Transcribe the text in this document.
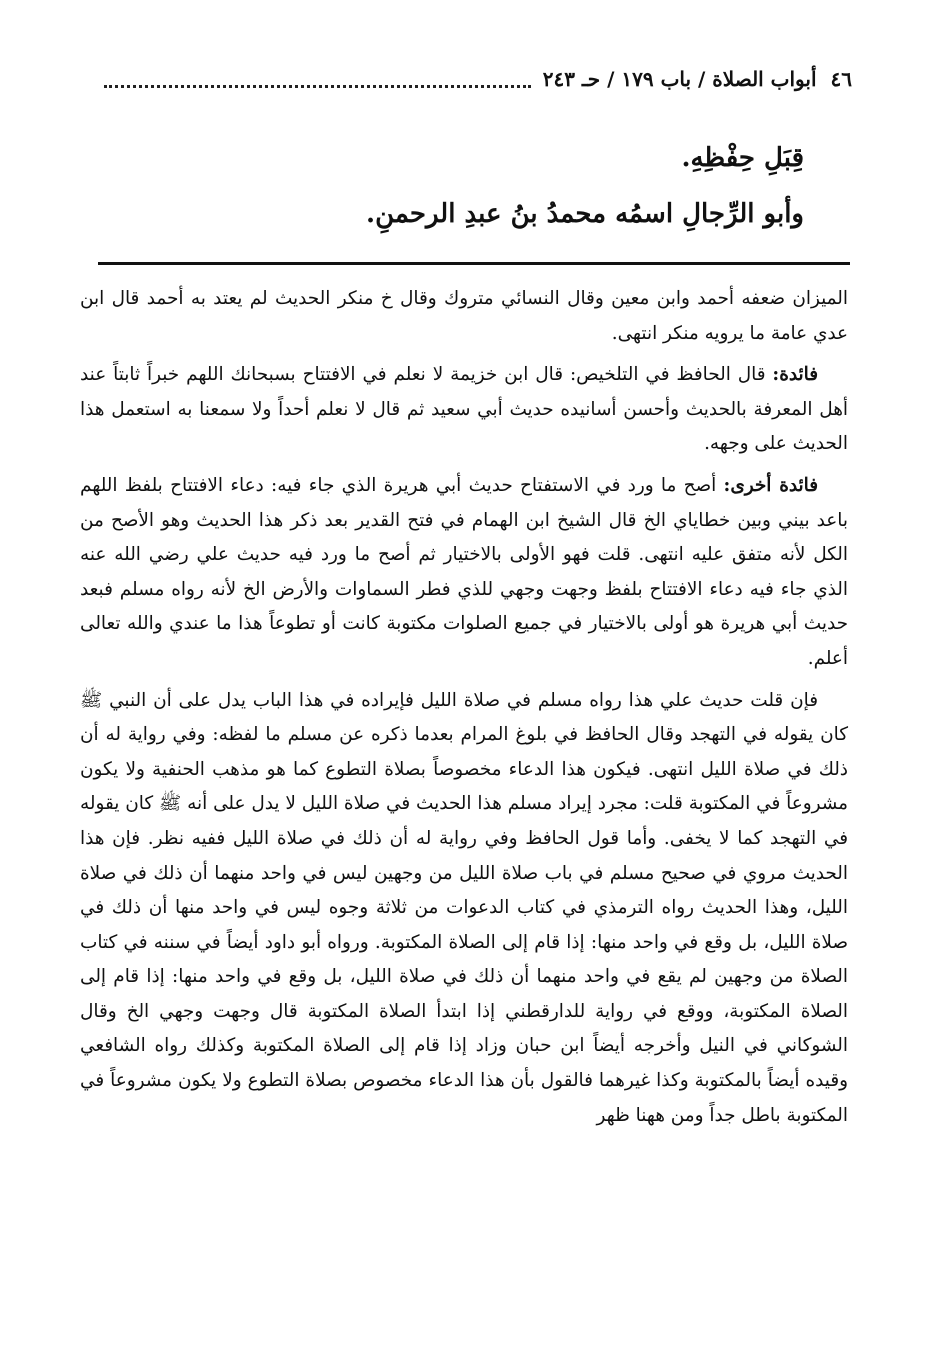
٤٦
أبواب الصلاة / باب ١٧٩ / حـ ٢٤٣

قِبَلِ حِفْظِهِ.

وأبو الرِّجالِ اسمُه محمدُ بنُ عبدِ الرحمنِ.

الميزان ضعفه أحمد وابن معين وقال النسائي متروك وقال خ منكر الحديث لم يعتد به أحمد قال ابن عدي عامة ما يرويه منكر انتهى.

فائدة: قال الحافظ في التلخيص: قال ابن خزيمة لا نعلم في الافتتاح بسبحانك اللهم خبراً ثابتاً عند أهل المعرفة بالحديث وأحسن أسانيده حديث أبي سعيد ثم قال لا نعلم أحداً ولا سمعنا به استعمل هذا الحديث على وجهه.

فائدة أخرى: أصح ما ورد في الاستفتاح حديث أبي هريرة الذي جاء فيه: دعاء الافتتاح بلفظ اللهم باعد بيني وبين خطاياي الخ قال الشيخ ابن الهمام في فتح القدير بعد ذكر هذا الحديث وهو الأصح من الكل لأنه متفق عليه انتهى. قلت فهو الأولى بالاختيار ثم أصح ما ورد فيه حديث علي رضي الله عنه الذي جاء فيه دعاء الافتتاح بلفظ وجهت وجهي للذي فطر السماوات والأرض الخ لأنه رواه مسلم فبعد حديث أبي هريرة هو أولى بالاختيار في جميع الصلوات مكتوبة كانت أو تطوعاً هذا ما عندي والله تعالى أعلم.

فإن قلت حديث علي هذا رواه مسلم في صلاة الليل فإيراده في هذا الباب يدل على أن النبي ﷺ كان يقوله في التهجد وقال الحافظ في بلوغ المرام بعدما ذكره عن مسلم ما لفظه: وفي رواية له أن ذلك في صلاة الليل انتهى. فيكون هذا الدعاء مخصوصاً بصلاة التطوع كما هو مذهب الحنفية ولا يكون مشروعاً في المكتوبة قلت: مجرد إيراد مسلم هذا الحديث في صلاة الليل لا يدل على أنه ﷺ كان يقوله في التهجد كما لا يخفى. وأما قول الحافظ وفي رواية له أن ذلك في صلاة الليل ففيه نظر. فإن هذا الحديث مروي في صحيح مسلم في باب صلاة الليل من وجهين ليس في واحد منهما أن ذلك في صلاة الليل، وهذا الحديث رواه الترمذي في كتاب الدعوات من ثلاثة وجوه ليس في واحد منها أن ذلك في صلاة الليل، بل وقع في واحد منها: إذا قام إلى الصلاة المكتوبة. ورواه أبو داود أيضاً في سننه في كتاب الصلاة من وجهين لم يقع في واحد منهما أن ذلك في صلاة الليل، بل وقع في واحد منها: إذا قام إلى الصلاة المكتوبة، ووقع في رواية للدارقطني إذا ابتدأ الصلاة المكتوبة قال وجهت وجهي الخ وقال الشوكاني في النيل وأخرجه أيضاً ابن حبان وزاد إذا قام إلى الصلاة المكتوبة وكذلك رواه الشافعي وقيده أيضاً بالمكتوبة وكذا غيرهما فالقول بأن هذا الدعاء مخصوص بصلاة التطوع ولا يكون مشروعاً في المكتوبة باطل جداً ومن ههنا ظهر
